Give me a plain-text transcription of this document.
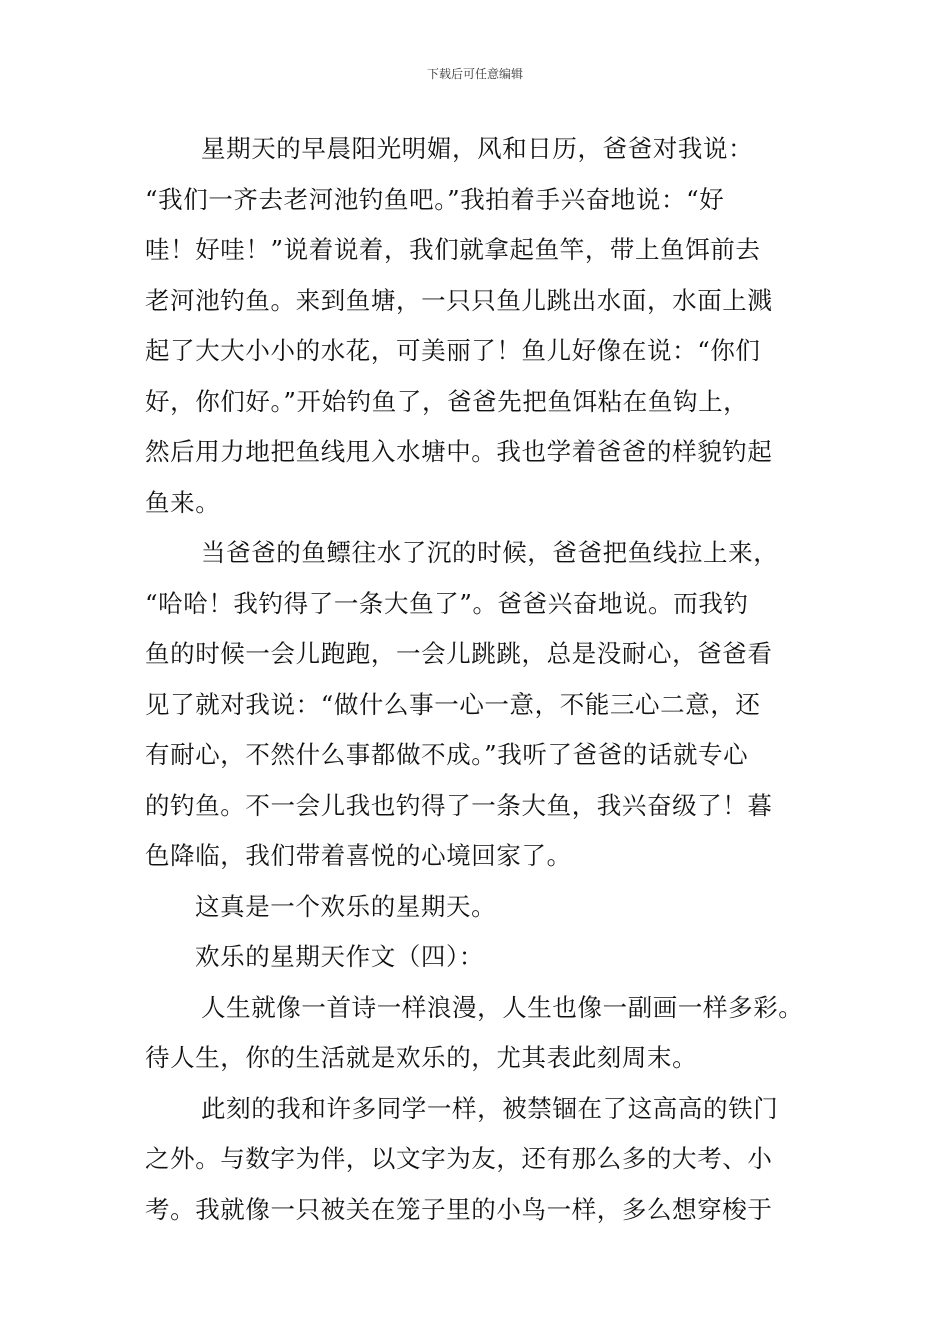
下载后可任意编辑
星期天的早晨阳光明媚，风和日历，爸爸对我说：
“我们一齐去老河池钓鱼吧。”我拍着手兴奋地说：“好
哇！好哇！”说着说着，我们就拿起鱼竿，带上鱼饵前去
老河池钓鱼。来到鱼塘，一只只鱼儿跳出水面，水面上溅
起了大大小小的水花，可美丽了！鱼儿好像在说：“你们
好，你们好。”开始钓鱼了，爸爸先把鱼饵粘在鱼钩上，
然后用力地把鱼线甩入水塘中。我也学着爸爸的样貌钓起
鱼来。
当爸爸的鱼鳔往水了沉的时候，爸爸把鱼线拉上来，
“哈哈！我钓得了一条大鱼了”。爸爸兴奋地说。而我钓
鱼的时候一会儿跑跑，一会儿跳跳，总是没耐心，爸爸看
见了就对我说：“做什么事一心一意，不能三心二意，还
有耐心，不然什么事都做不成。”我听了爸爸的话就专心
的钓鱼。不一会儿我也钓得了一条大鱼，我兴奋级了！暮
色降临，我们带着喜悦的心境回家了。
这真是一个欢乐的星期天。
欢乐的星期天作文（四）：
人生就像一首诗一样浪漫，人生也像一副画一样多彩。
待人生，你的生活就是欢乐的，尤其表此刻周末。
此刻的我和许多同学一样，被禁锢在了这高高的铁门
之外。与数字为伴，以文字为友，还有那么多的大考、小
考。我就像一只被关在笼子里的小鸟一样，多么想穿梭于
